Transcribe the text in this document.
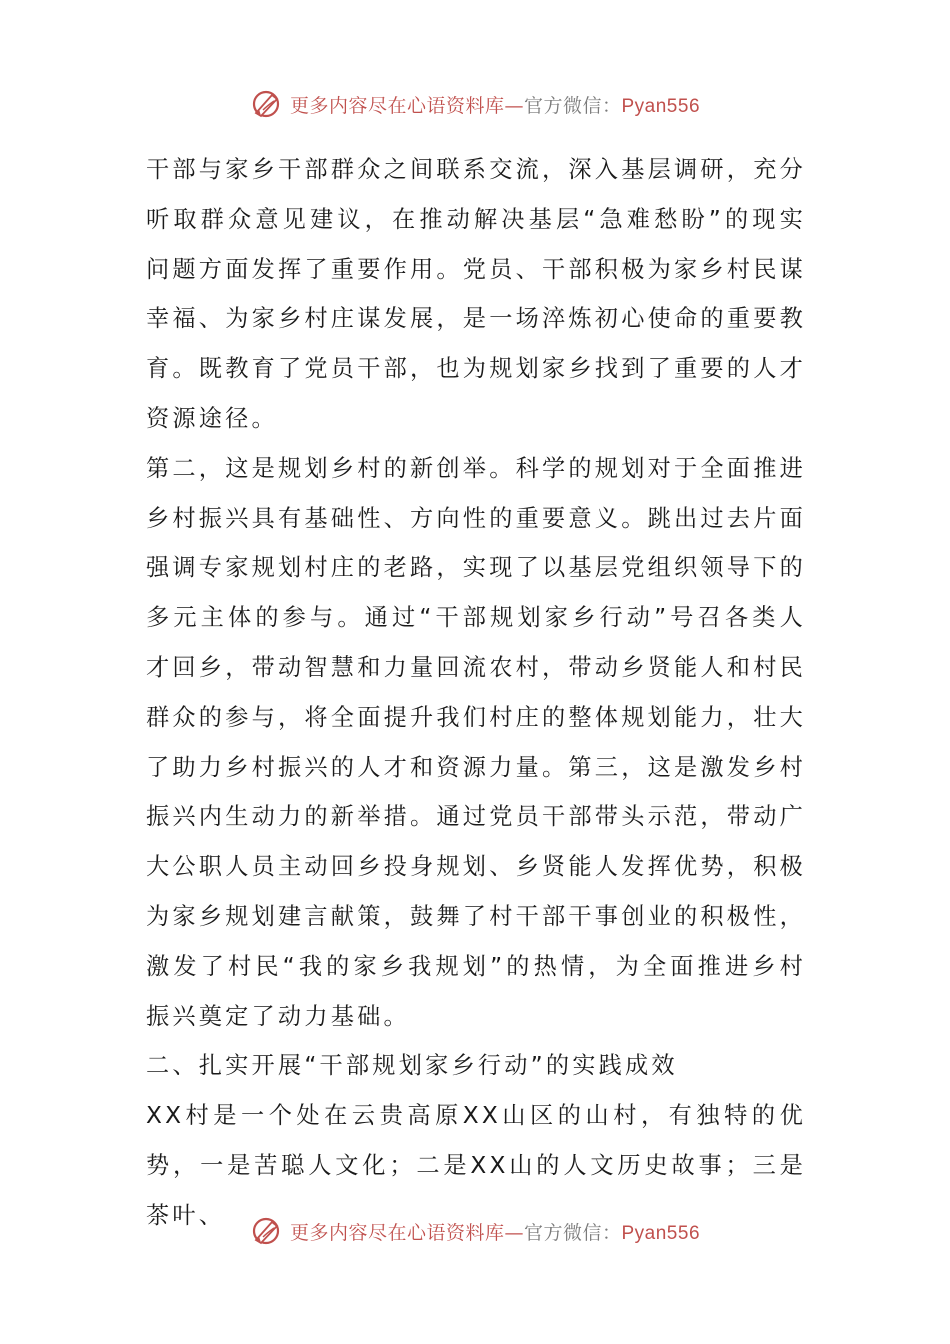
更多内容尽在心语资料库—官方微信：Pyan556

干部与家乡干部群众之间联系交流，深入基层调研，充分听取群众意见建议，在推动解决基层“急难愁盼”的现实问题方面发挥了重要作用。党员、干部积极为家乡村民谋幸福、为家乡村庄谋发展，是一场淬炼初心使命的重要教育。既教育了党员干部，也为规划家乡找到了重要的人才资源途径。

第二，这是规划乡村的新创举。科学的规划对于全面推进乡村振兴具有基础性、方向性的重要意义。跳出过去片面强调专家规划村庄的老路，实现了以基层党组织领导下的多元主体的参与。通过“干部规划家乡行动”号召各类人才回乡，带动智慧和力量回流农村，带动乡贤能人和村民群众的参与，将全面提升我们村庄的整体规划能力，壮大了助力乡村振兴的人才和资源力量。第三，这是激发乡村振兴内生动力的新举措。通过党员干部带头示范，带动广大公职人员主动回乡投身规划、乡贤能人发挥优势，积极为家乡规划建言献策，鼓舞了村干部干事创业的积极性，激发了村民“我的家乡我规划”的热情，为全面推进乡村振兴奠定了动力基础。

二、扎实开展“干部规划家乡行动”的实践成效

XX村是一个处在云贵高原XX山区的山村，有独特的优势，一是苦聪人文化；二是XX山的人文历史故事；三是茶叶、

更多内容尽在心语资料库—官方微信：Pyan556
